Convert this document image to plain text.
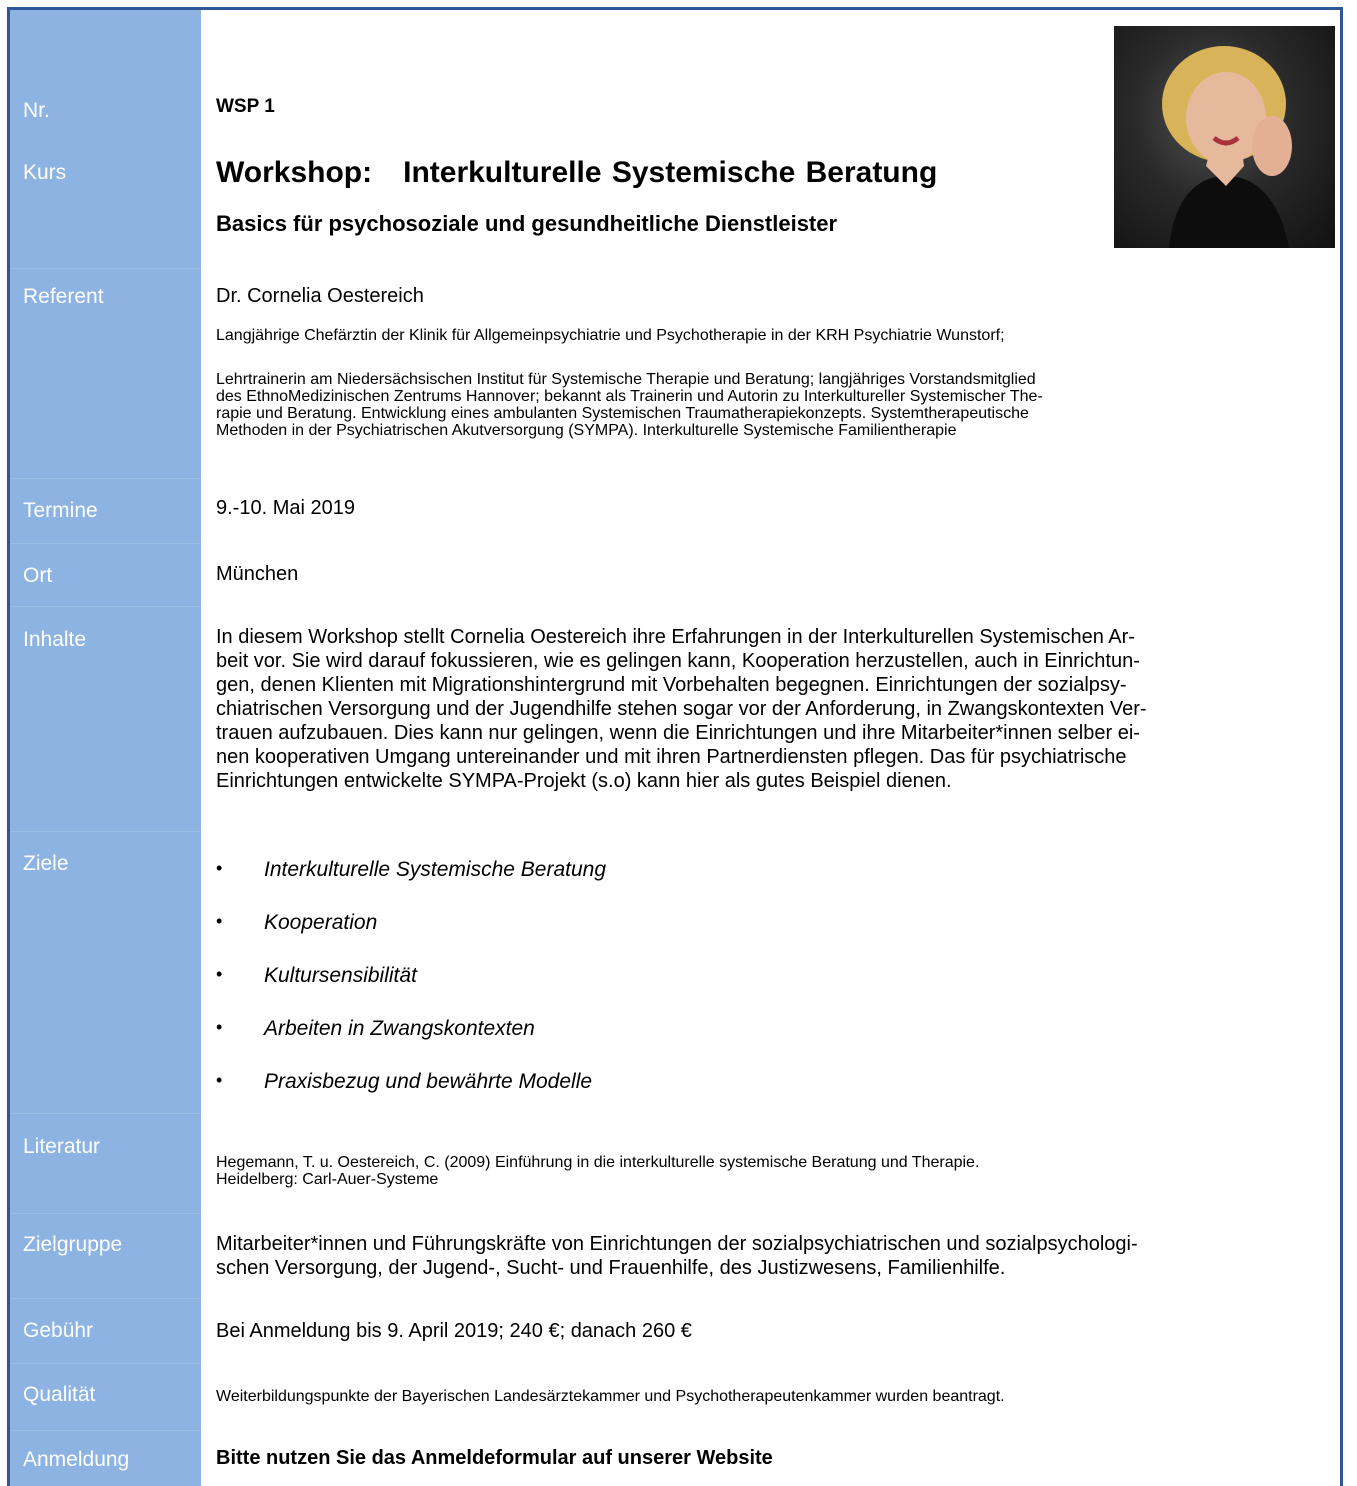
Nr.
Kurs
Referent
Termine
Ort
Inhalte
Ziele
Literatur
Zielgruppe
Gebühr
Qualität
Anmeldung
WSP 1
Workshop:   Interkulturelle Systemische Beratung
Basics für psychosoziale und gesundheitliche Dienstleister
Dr. Cornelia Oestereich
Langjährige Chefärztin der Klinik für Allgemeinpsychiatrie und Psychotherapie in der KRH Psychiatrie Wunstorf;
Lehrtrainerin am Niedersächsischen Institut für Systemische Therapie und Beratung; langjähriges Vorstandsmitglied
des EthnoMedizinischen Zentrums Hannover; bekannt als Trainerin und Autorin zu Interkultureller Systemischer The-
rapie und Beratung. Entwicklung eines ambulanten Systemischen Traumatherapiekonzepts. Systemtherapeutische
Methoden in der Psychiatrischen Akutversorgung (SYMPA). Interkulturelle Systemische Familientherapie
9.-10. Mai 2019
München
In diesem Workshop stellt Cornelia Oestereich ihre Erfahrungen in der Interkulturellen Systemischen Ar-
beit vor. Sie wird darauf fokussieren, wie es gelingen kann, Kooperation herzustellen, auch in Einrichtun-
gen, denen Klienten mit Migrationshintergrund mit Vorbehalten begegnen. Einrichtungen der sozialpsy-
chiatrischen Versorgung und der Jugendhilfe stehen sogar vor der Anforderung, in Zwangskontexten Ver-
trauen aufzubauen. Dies kann nur gelingen, wenn die Einrichtungen und ihre Mitarbeiter*innen selber ei-
nen kooperativen Umgang untereinander und mit ihren Partnerdiensten pflegen. Das für psychiatrische
Einrichtungen entwickelte SYMPA-Projekt (s.o) kann hier als gutes Beispiel dienen.
• Interkulturelle Systemische Beratung
• Kooperation
• Kultursensibilität
• Arbeiten in Zwangskontexten
• Praxisbezug und bewährte Modelle
Hegemann, T. u. Oestereich, C. (2009) Einführung in die interkulturelle systemische Beratung und Therapie.
Heidelberg: Carl-Auer-Systeme
Mitarbeiter*innen und Führungskräfte von Einrichtungen der sozialpsychiatrischen und sozialpsychologi-
schen Versorgung, der Jugend-, Sucht- und Frauenhilfe, des Justizwesens, Familienhilfe.
Bei Anmeldung bis 9. April 2019; 240 €; danach 260 €
Weiterbildungspunkte der Bayerischen Landesärztekammer und Psychotherapeutenkammer wurden beantragt.
Bitte nutzen Sie das Anmeldeformular auf unserer Website
